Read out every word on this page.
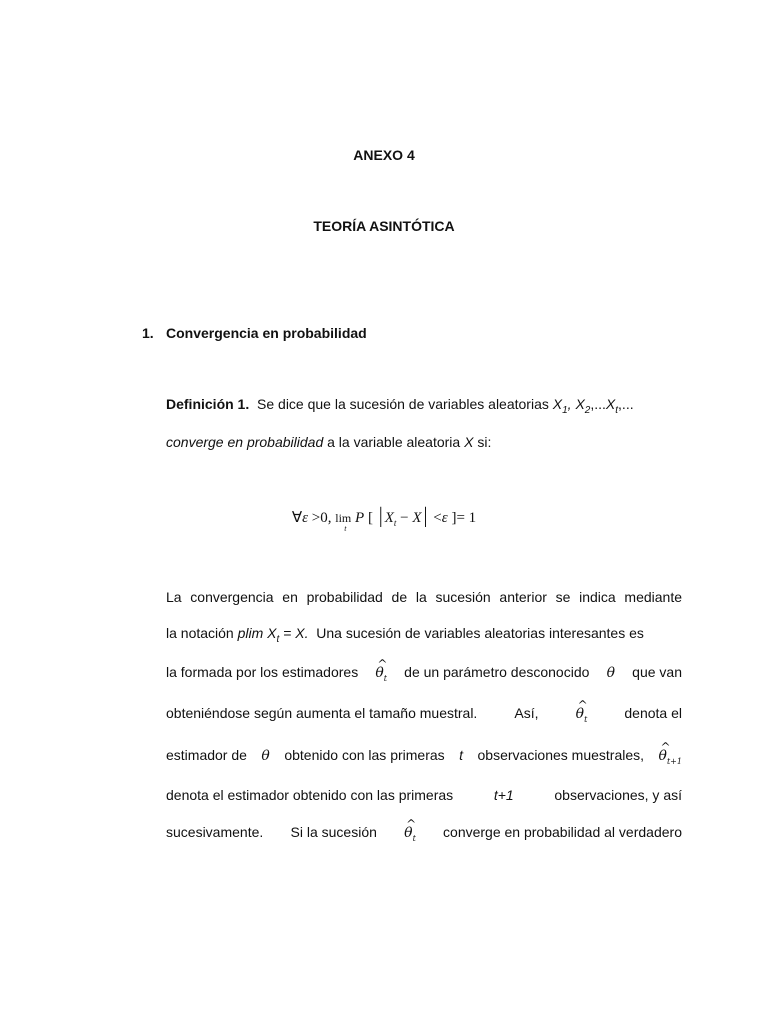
ANEXO 4
TEORÍA ASINTÓTICA
1. Convergencia en probabilidad
Definición 1. Se dice que la sucesión de variables aleatorias $X_1$, $X_2,...X_t$,...
converge en probabilidad a la variable aleatoria X si:
∀ε >0, lim
t
P [ | $X_t - X$ | <ε ]= 1
La convergencia en probabilidad de la sucesión anterior se indica mediante
la notación plim $X_t = X$. Una sucesión de variables aleatorias interesantes es
la formada por los estimadores ^
$\theta_t$ de un parámetro desconocido θ que van
obteniéndose según aumenta el tamaño muestral.	Así,	^
$\theta_t$	denota el
estimador de θ obtenido con las primeras t observaciones muestrales, ^
$\theta_{t+1}$
denota el estimador obtenido con las primeras	t+1	observaciones, y así
sucesivamente. Si la sucesión ^
$\theta_t$ converge en probabilidad al verdadero
